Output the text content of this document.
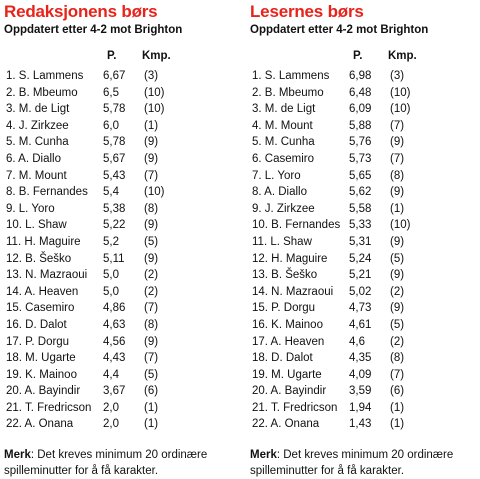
Redaksjonens børs
Oppdatert etter 4-2 mot Brighton
P. Kmp.
1. S. Lammens 6,67 (3)
2. B. Mbeumo 6,5 (10)
3. M. de Ligt	5,78 (10)
4. J. Zirkzee	6,0 (1)
5. M. Cunha	5,78 (9)
6. A. Diallo	5,67 (9)
7. M. Mount	5,43 (7)
8. B. Fernandes 5,4 (10)
9. L. Yoro	5,38 (8)
10. L. Shaw	5,22 (9)
11. H. Maguire 5,2 (5)
12. B. Šeško	5,11 (9)
13. N. Mazraoui 5,0 (2)
14. A. Heaven 5,0 (2)
15. Casemiro 4,86 (7)
16. D. Dalot	4,63 (8)
17. P. Dorgu	4,56 (9)
18. M. Ugarte 4,43 (7)
19. K. Mainoo 4,4 (5)
20. A. Bayindir 3,67 (6)
21. T. Fredricson 2,0 (1)
22. A. Onana	2,0 (1)
Merk: Det kreves minimum 20 ordinære spilleminutter for å få karakter.
Lesernes børs
Oppdatert etter 4-2 mot Brighton
P. Kmp.
1. S. Lammens 6,98 (3)
2. B. Mbeumo 6,48 (10)
3. M. de Ligt	6,09 (10)
4. M. Mount	5,88 (7)
5. M. Cunha	5,76 (9)
6. Casemiro	5,73 (7)
7. L. Yoro	5,65 (8)
8. A. Diallo	5,62 (9)
9. J. Zirkzee	5,58 (1)
10. B. Fernandes 5,33 (10)
11. L. Shaw	5,31 (9)
12. H. Maguire 5,24 (5)
13. B. Šeško	5,21 (9)
14. N. Mazraoui 5,02 (2)
15. P. Dorgu	4,73 (9)
16. K. Mainoo 4,61 (5)
17. A. Heaven 4,6 (2)
18. D. Dalot	4,35 (8)
19. M. Ugarte 4,09 (7)
20. A. Bayindir 3,59 (6)
21. T. Fredricson 1,94 (1)
22. A. Onana	1,43 (1)
Merk: Det kreves minimum 20 ordinære spilleminutter for å få karakter.
